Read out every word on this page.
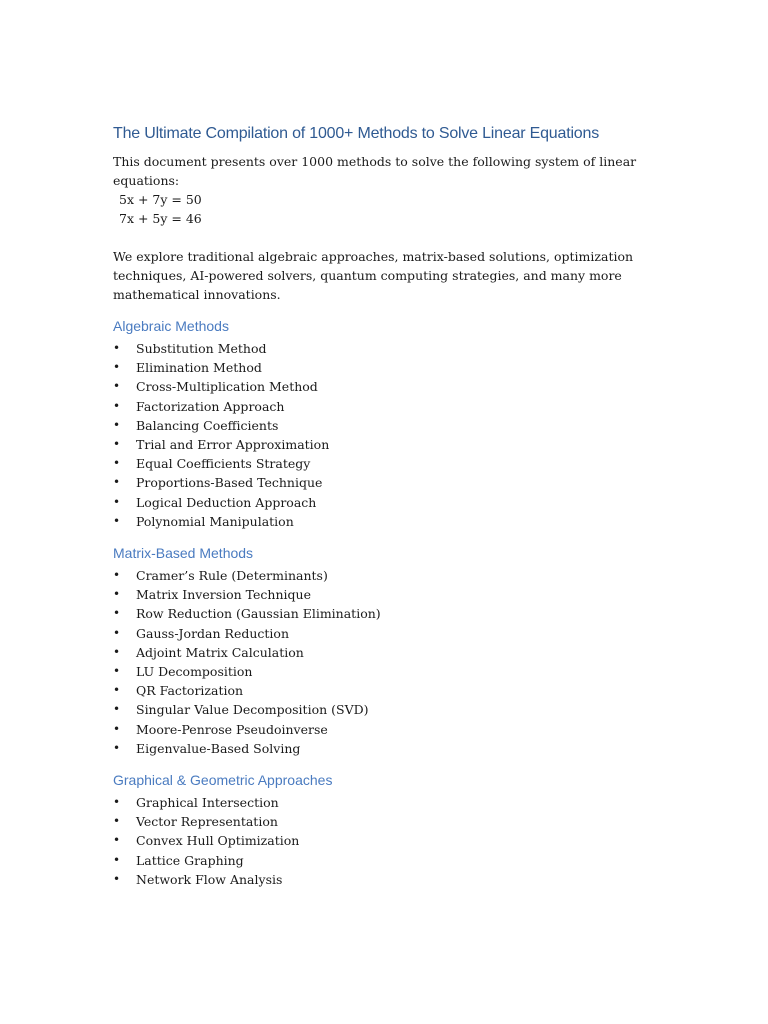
The Ultimate Compilation of 1000+ Methods to Solve Linear Equations

This document presents over 1000 methods to solve the following system of linear equations:

5x + 7y = 50
7x + 5y = 46

We explore traditional algebraic approaches, matrix-based solutions, optimization techniques, AI-powered solvers, quantum computing strategies, and many more mathematical innovations.

Algebraic Methods
• Substitution Method
• Elimination Method
• Cross-Multiplication Method
• Factorization Approach
• Balancing Coefficients
• Trial and Error Approximation
• Equal Coefficients Strategy
• Proportions-Based Technique
• Logical Deduction Approach
• Polynomial Manipulation
Matrix-Based Methods
• Cramer’s Rule (Determinants)
• Matrix Inversion Technique
• Row Reduction (Gaussian Elimination)
• Gauss-Jordan Reduction
• Adjoint Matrix Calculation
• LU Decomposition
• QR Factorization
• Singular Value Decomposition (SVD)
• Moore-Penrose Pseudoinverse
• Eigenvalue-Based Solving
Graphical & Geometric Approaches
• Graphical Intersection
• Vector Representation
• Convex Hull Optimization
• Lattice Graphing
• Network Flow Analysis
